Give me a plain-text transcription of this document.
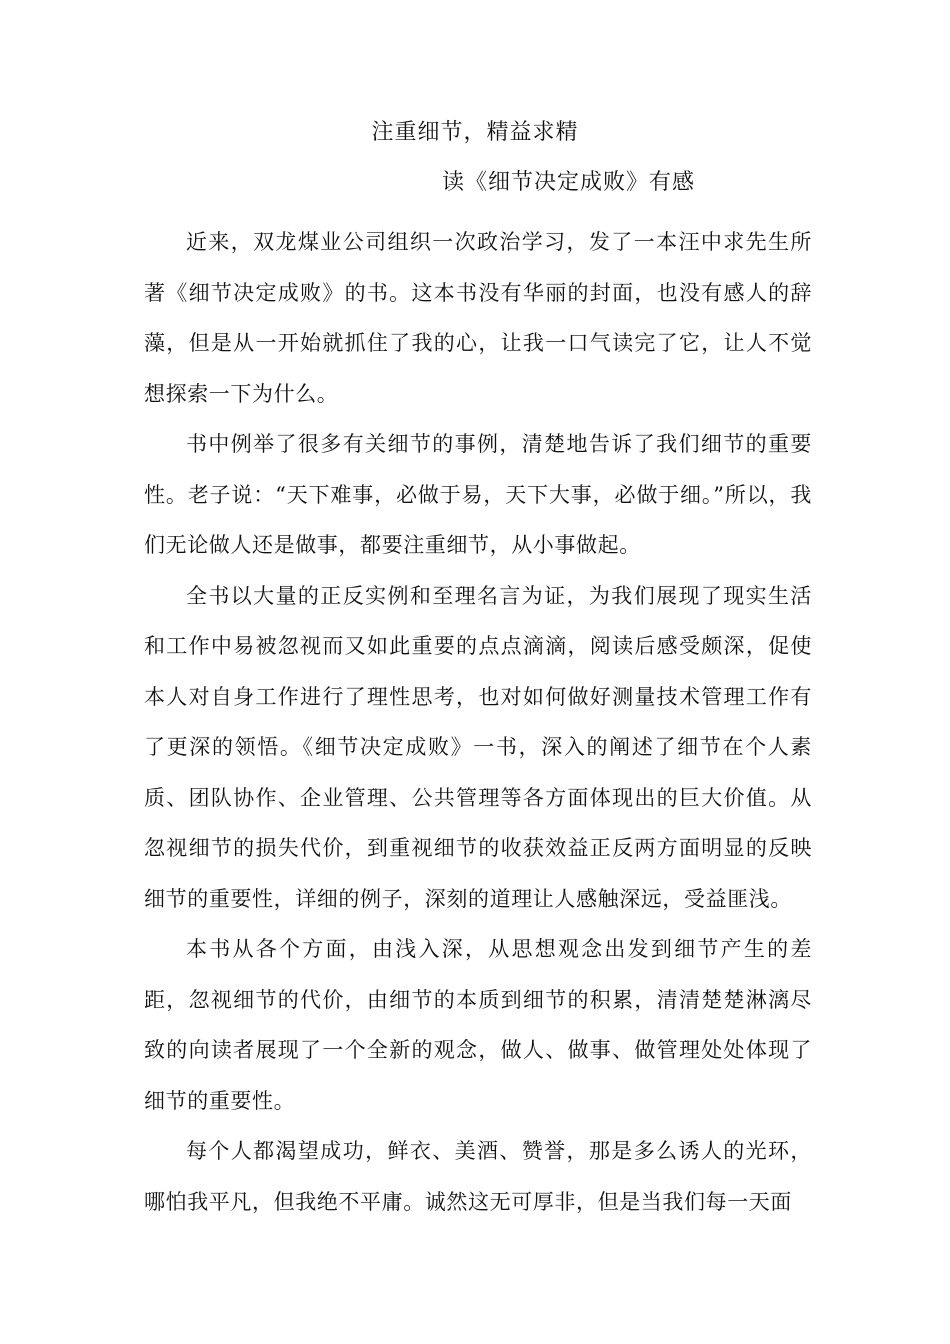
注重细节，精益求精
读《细节决定成败》有感

近来，双龙煤业公司组织一次政治学习，发了一本汪中求先生所著《细节决定成败》的书。这本书没有华丽的封面，也没有感人的辞藻，但是从一开始就抓住了我的心，让我一口气读完了它，让人不觉想探索一下为什么。

书中例举了很多有关细节的事例，清楚地告诉了我们细节的重要性。老子说：“天下难事，必做于易，天下大事，必做于细。”所以，我们无论做人还是做事，都要注重细节，从小事做起。

全书以大量的正反实例和至理名言为证，为我们展现了现实生活和工作中易被忽视而又如此重要的点点滴滴，阅读后感受颇深，促使本人对自身工作进行了理性思考，也对如何做好测量技术管理工作有了更深的领悟。《细节决定成败》一书，深入的阐述了细节在个人素质、团队协作、企业管理、公共管理等各方面体现出的巨大价值。从忽视细节的损失代价，到重视细节的收获效益正反两方面明显的反映细节的重要性，详细的例子，深刻的道理让人感触深远，受益匪浅。

本书从各个方面，由浅入深，从思想观念出发到细节产生的差距，忽视细节的代价，由细节的本质到细节的积累，清清楚楚淋漓尽致的向读者展现了一个全新的观念，做人、做事、做管理处处体现了细节的重要性。

每个人都渴望成功，鲜衣、美酒、赞誉，那是多么诱人的光环，哪怕我平凡，但我绝不平庸。诚然这无可厚非，但是当我们每一天面
